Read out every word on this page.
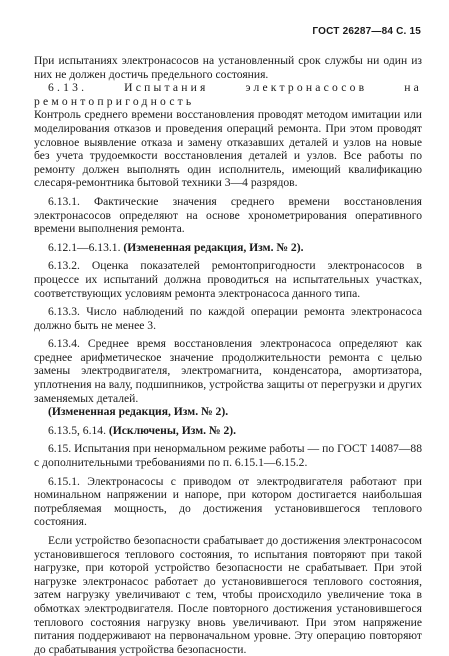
ГОСТ 26287—84 С. 15

При испытаниях электронасосов на установленный срок службы ни один из них не должен достичь предельного состояния.

6.13. Испытания электронасосов на ремонтопригодность

Контроль среднего времени восстановления проводят методом имитации или моделирования отказов и проведения операций ремонта. При этом проводят условное выявление отказа и замену отказавших деталей и узлов на новые без учета трудоемкости восстановления деталей и узлов. Все работы по ремонту должен выполнять один исполнитель, имеющий квалификацию слесаря-ремонтника бытовой техники 3—4 разрядов.

6.13.1. Фактические значения среднего времени восстановления электронасосов определяют на основе хронометрирования оперативного времени выполнения ремонта.

6.12.1—6.13.1. (Измененная редакция, Изм. № 2).

6.13.2. Оценка показателей ремонтопригодности электронасосов в процессе их испытаний должна проводиться на испытательных участках, соответствующих условиям ремонта электронасоса данного типа.

6.13.3. Число наблюдений по каждой операции ремонта электронасоса должно быть не менее 3.

6.13.4. Среднее время восстановления электронасоса определяют как среднее арифметическое значение продолжительности ремонта с целью замены электродвигателя, электромагнита, конденсатора, амортизатора, уплотнения на валу, подшипников, устройства защиты от перегрузки и других заменяемых деталей.

(Измененная редакция, Изм. № 2).

6.13.5, 6.14. (Исключены, Изм. № 2).

6.15. Испытания при ненормальном режиме работы — по ГОСТ 14087—88 с дополнительными требованиями по п. 6.15.1—6.15.2.

6.15.1. Электронасосы с приводом от электродвигателя работают при номинальном напряжении и напоре, при котором достигается наибольшая потребляемая мощность, до достижения установившегося теплового состояния.

Если устройство безопасности срабатывает до достижения электронасосом установившегося теплового состояния, то испытания повторяют при такой нагрузке, при которой устройство безопасности не срабатывает. При этой нагрузке электронасос работает до установившегося теплового состояния, затем нагрузку увеличивают с тем, чтобы происходило увеличение тока в обмотках электродвигателя. После повторного достижения установившегося теплового состояния нагрузку вновь увеличивают. При этом напряжение питания поддерживают на первоначальном уровне. Эту операцию повторяют до срабатывания устройства безопасности.
